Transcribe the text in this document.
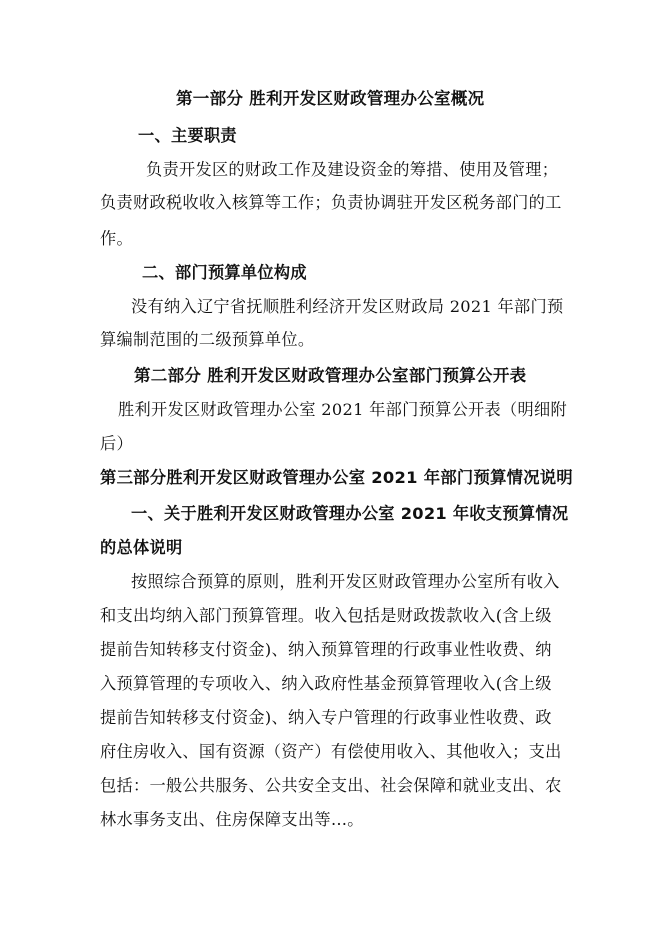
第一部分 胜利开发区财政管理办公室概况
一、主要职责
负责开发区的财政工作及建设资金的筹措、使用及管理；
负责财政税收收入核算等工作；负责协调驻开发区税务部门的工
作。
二、部门预算单位构成
没有纳入辽宁省抚顺胜利经济开发区财政局 2021 年部门预
算编制范围的二级预算单位。
第二部分 胜利开发区财政管理办公室部门预算公开表
胜利开发区财政管理办公室 2021 年部门预算公开表（明细附
后）
第三部分胜利开发区财政管理办公室 2021 年部门预算情况说明
一、关于胜利开发区财政管理办公室 2021 年收支预算情况
的总体说明
按照综合预算的原则，胜利开发区财政管理办公室所有收入
和支出均纳入部门预算管理。收入包括是财政拨款收入(含上级
提前告知转移支付资金)、纳入预算管理的行政事业性收费、纳
入预算管理的专项收入、纳入政府性基金预算管理收入(含上级
提前告知转移支付资金)、纳入专户管理的行政事业性收费、政
府住房收入、国有资源（资产）有偿使用收入、其他收入；支出
包括：一般公共服务、公共安全支出、社会保障和就业支出、农
林水事务支出、住房保障支出等…。
